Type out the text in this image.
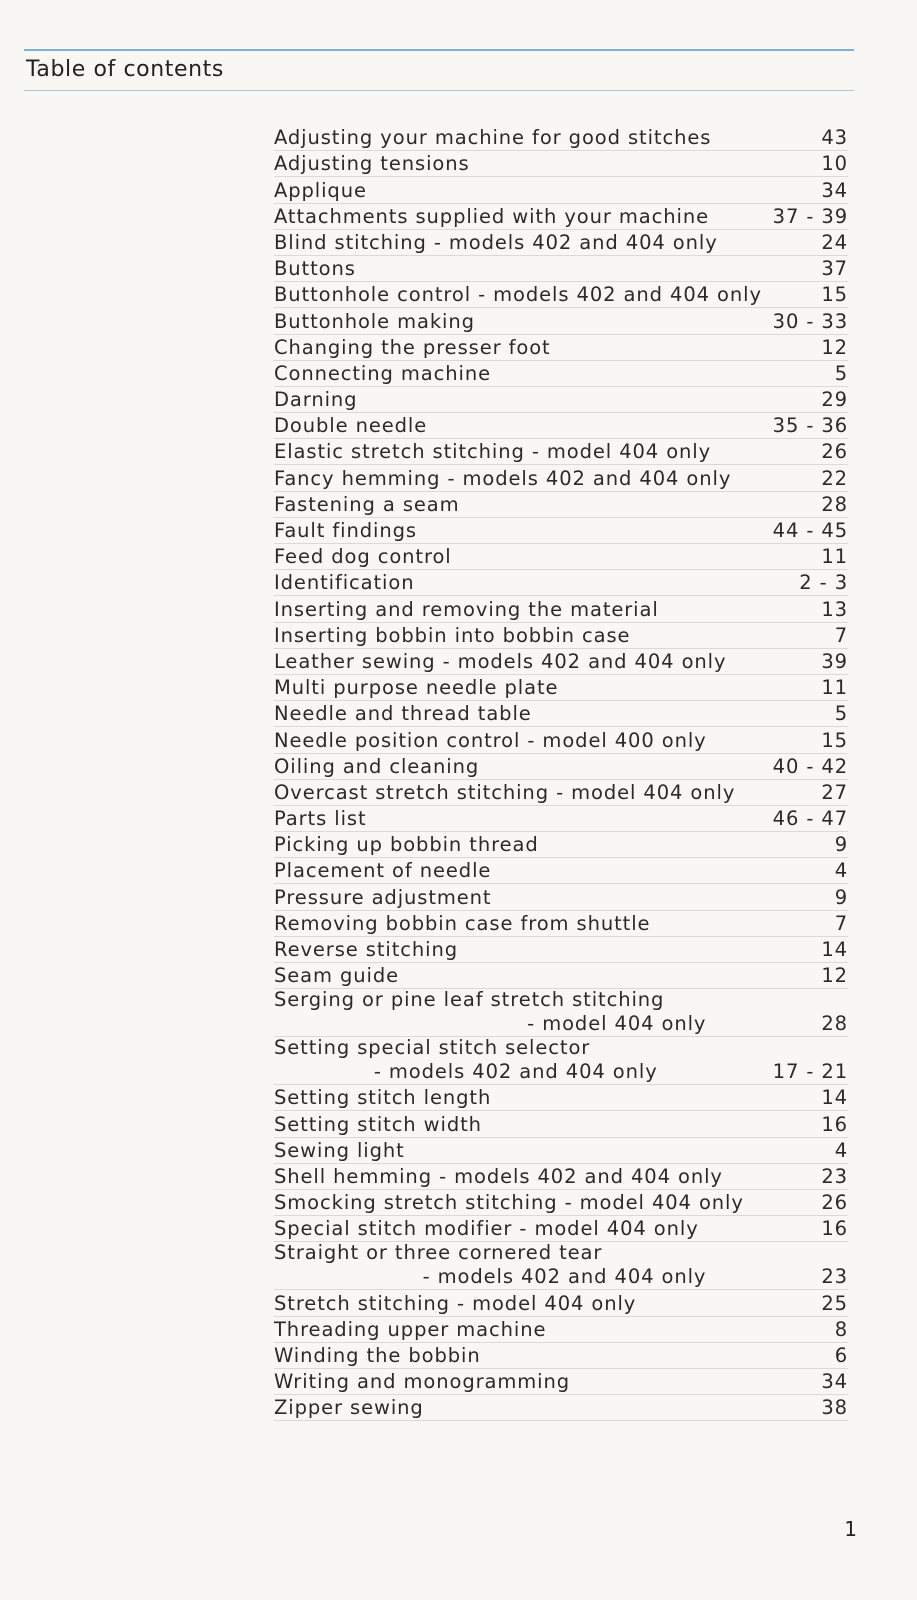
Table of contents
Adjusting your machine for good stitches	43
Adjusting tensions	10
Applique	34
Attachments supplied with your machine	37 - 39
Blind stitching - models 402 and 404 only	24
Buttons	37
Buttonhole control - models 402 and 404 only	15
Buttonhole making	30 - 33
Changing the presser foot	12
Connecting machine	5
Darning	29
Double needle	35 - 36
Elastic stretch stitching - model 404 only	26
Fancy hemming - models 402 and 404 only	22
Fastening a seam	28
Fault findings	44 - 45
Feed dog control	11
Identification	2 - 3
Inserting and removing the material	13
Inserting bobbin into bobbin case	7
Leather sewing - models 402 and 404 only	39
Multi purpose needle plate	11
Needle and thread table	5
Needle position control - model 400 only	15
Oiling and cleaning	40 - 42
Overcast stretch stitching - model 404 only	27
Parts list	46 - 47
Picking up bobbin thread	9
Placement of needle	4
Pressure adjustment	9
Removing bobbin case from shuttle	7
Reverse stitching	14
Seam guide	12
Serging or pine leaf stretch stitching
- model 404 only	28
Setting special stitch selector
- models 402 and 404 only	17 - 21
Setting stitch length	14
Setting stitch width	16
Sewing light	4
Shell hemming - models 402 and 404 only	23
Smocking stretch stitching - model 404 only	26
Special stitch modifier - model 404 only	16
Straight or three cornered tear
- models 402 and 404 only	23
Stretch stitching - model 404 only	25
Threading upper machine	8
Winding the bobbin	6
Writing and monogramming	34
Zipper sewing	38
1
